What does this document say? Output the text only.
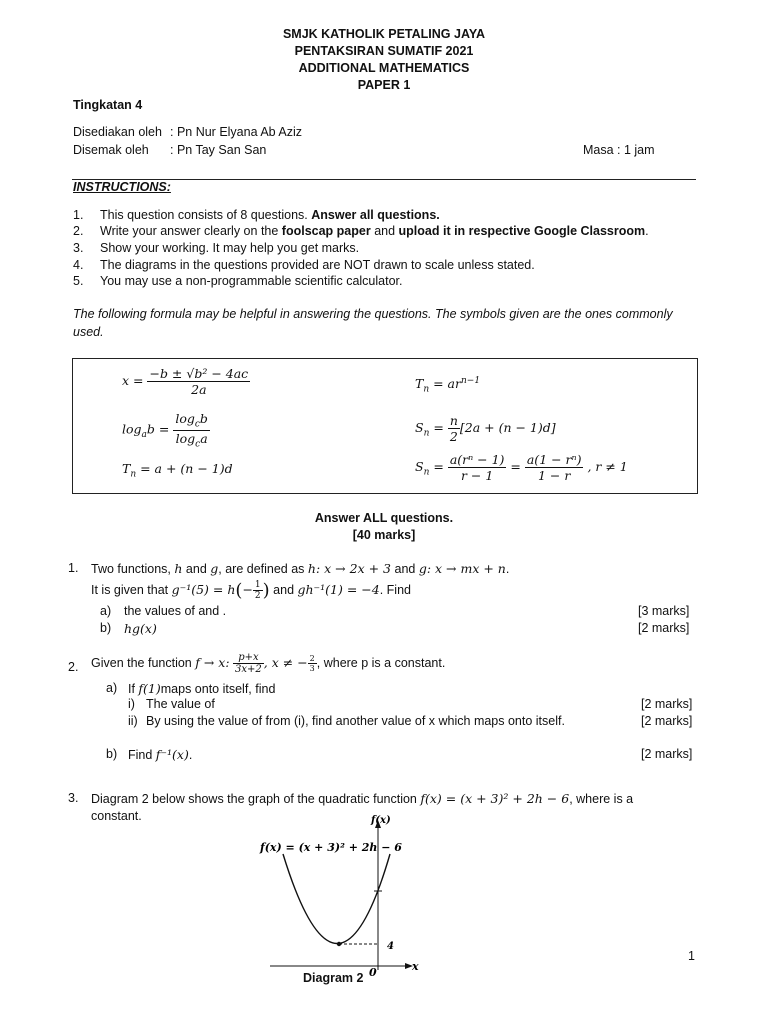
SMJK KATHOLIK PETALING JAYA
PENTAKSIRAN SUMATIF 2021
ADDITIONAL MATHEMATICS
PAPER 1
Tingkatan 4
Disediakan oleh : Pn Nur Elyana Ab Aziz
Disemak oleh : Pn Tay San San	Masa : 1 jam
INSTRUCTIONS:
1. This question consists of 8 questions. Answer all questions.
2. Write your answer clearly on the foolscap paper and upload it in respective Google Classroom.
3. Show your working. It may help you get marks.
4. The diagrams in the questions provided are NOT drawn to scale unless stated.
5. You may use a non-programmable scientific calculator.
The following formula may be helpful in answering the questions. The symbols given are the ones commonly
used.
$x = \frac{\text{−b ± √b² − 4ac}}{2a}$
$\log_ab = \frac{\log_cb}{\log_ca}$
$T_n = a + (n - 1)d$
$T_n = ar^{n-1}$
$S_n = \frac{n}{2} [2a + (n - 1)d]$
$S_n = \frac{\text{a(rⁿ − 1)}}{r - 1} = \frac{\text{a(1 − rⁿ)}}{1 - r}$ , r ≠ 1
Answer ALL questions.
[40 marks]
1. Two functions, h and g, are defined as h: x → 2x + 3 and g: x → mx + n.
It is given that $g^{-1}(5) = h(- \frac{1}{2}$ ) and gh⁻¹(1) = −4. Find
a) the values of and .	[3 marks]
b) hg(x)	[2 marks]
2. Given the function f → x: $\frac{p+x}{3x+2}$ , x ≠ − $\frac{2}{3}$ , where p is a constant.
a) If f(1)maps onto itself, find
i) The value of	[2 marks]
ii) By using the value of from (i), find another value of x which maps onto itself.	[2 marks]
b) Find f⁻¹(x).	[2 marks]
3. Diagram 2 below shows the graph of the quadratic function f(x) = (x + 3)² + 2h − 6, where is a
constant.
f(x) = (x + 3)² + 2h − 6
f(x)
x
0
4
Diagram 2
1
